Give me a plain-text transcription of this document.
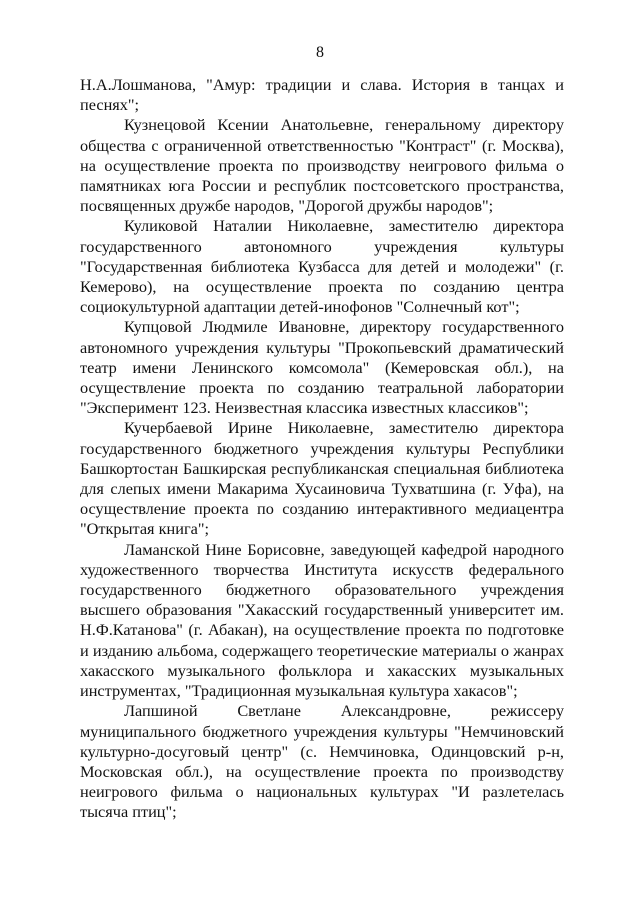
8

Н.А.Лошманова, "Амур: традиции и слава. История в танцах и песнях";

Кузнецовой Ксении Анатольевне, генеральному директору общества с ограниченной ответственностью "Контраст" (г. Москва), на осуществление проекта по производству неигрового фильма о памятниках юга России и республик постсоветского пространства, посвященных дружбе народов, "Дорогой дружбы народов";

Куликовой Наталии Николаевне, заместителю директора государственного автономного учреждения культуры "Государственная библиотека Кузбасса для детей и молодежи" (г. Кемерово), на осуществление проекта по созданию центра социокультурной адаптации детей-инофонов "Солнечный кот";

Купцовой Людмиле Ивановне, директору государственного автономного учреждения культуры "Прокопьевский драматический театр имени Ленинского комсомола" (Кемеровская обл.), на осуществление проекта по созданию театральной лаборатории "Эксперимент 123. Неизвестная классика известных классиков";

Кучербаевой Ирине Николаевне, заместителю директора государственного бюджетного учреждения культуры Республики Башкортостан Башкирская республиканская специальная библиотека для слепых имени Макарима Хусаиновича Тухватшина (г. Уфа), на осуществление проекта по созданию интерактивного медиацентра "Открытая книга";

Ламанской Нине Борисовне, заведующей кафедрой народного художественного творчества Института искусств федерального государственного бюджетного образовательного учреждения высшего образования "Хакасский государственный университет им. Н.Ф.Катанова" (г. Абакан), на осуществление проекта по подготовке и изданию альбома, содержащего теоретические материалы о жанрах хакасского музыкального фольклора и хакасских музыкальных инструментах, "Традиционная музыкальная культура хакасов";

Лапшиной Светлане Александровне, режиссеру муниципального бюджетного учреждения культуры "Немчиновский культурно-досуговый центр" (с. Немчиновка, Одинцовский р-н, Московская обл.), на осуществление проекта по производству неигрового фильма о национальных культурах "И разлетелась тысяча птиц";
